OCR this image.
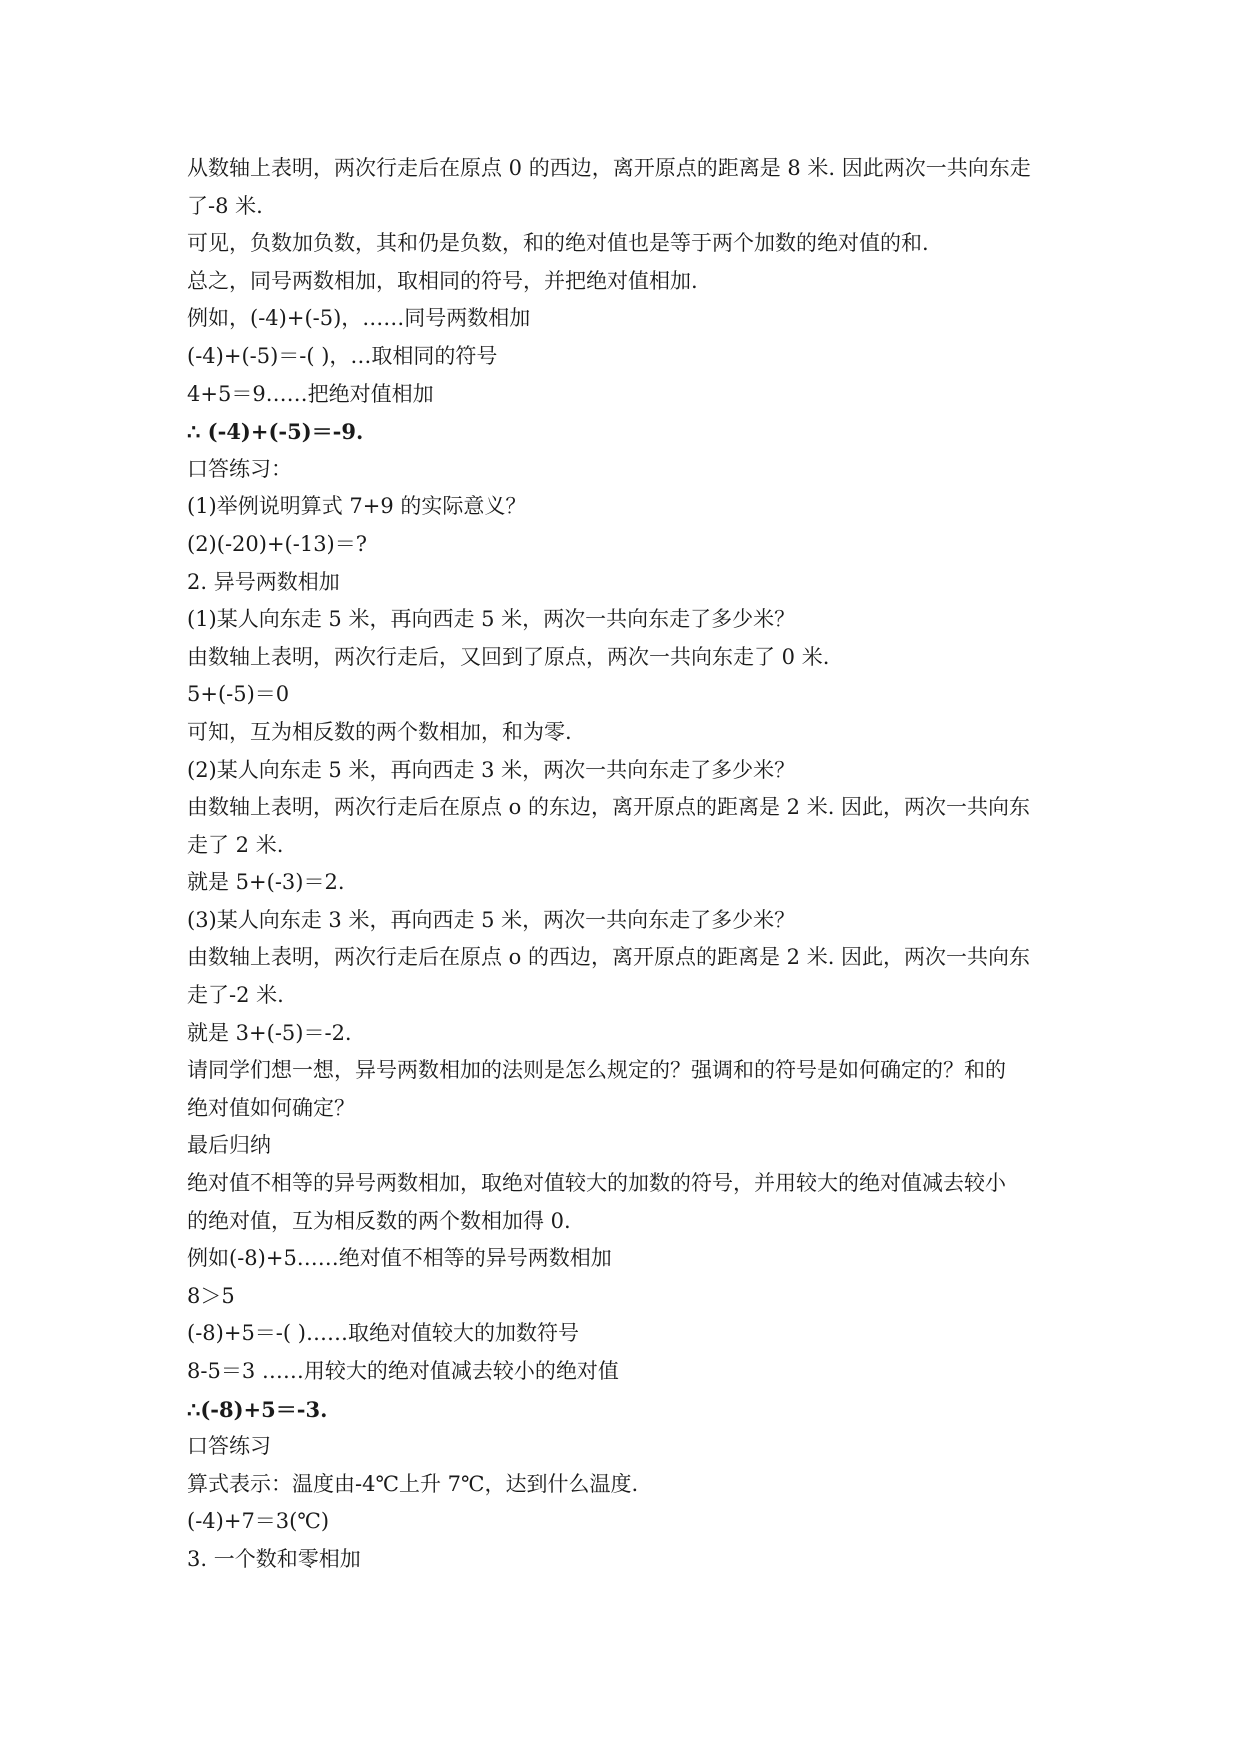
从数轴上表明，两次行走后在原点 0 的西边，离开原点的距离是 8 米. 因此两次一共向东走
了-8 米.
可见，负数加负数，其和仍是负数，和的绝对值也是等于两个加数的绝对值的和.
总之，同号两数相加，取相同的符号，并把绝对值相加.
例如，(-4)+(-5)，……同号两数相加
(-4)+(-5)＝-( )，…取相同的符号
4+5＝9……把绝对值相加
∴ (-4)+(-5)＝-9.
口答练习：
(1)举例说明算式 7+9 的实际意义？
(2)(-20)+(-13)＝?
2. 异号两数相加
(1)某人向东走 5 米，再向西走 5 米，两次一共向东走了多少米？
由数轴上表明，两次行走后，又回到了原点，两次一共向东走了 0 米.
5+(-5)＝0
可知，互为相反数的两个数相加，和为零.
(2)某人向东走 5 米，再向西走 3 米，两次一共向东走了多少米？
由数轴上表明，两次行走后在原点 o 的东边，离开原点的距离是 2 米. 因此，两次一共向东
走了 2 米.
就是 5+(-3)＝2.
(3)某人向东走 3 米，再向西走 5 米，两次一共向东走了多少米？
由数轴上表明，两次行走后在原点 o 的西边，离开原点的距离是 2 米. 因此，两次一共向东
走了-2 米.
就是 3+(-5)＝-2.
请同学们想一想，异号两数相加的法则是怎么规定的？强调和的符号是如何确定的？和的
绝对值如何确定？
最后归纳
绝对值不相等的异号两数相加，取绝对值较大的加数的符号，并用较大的绝对值减去较小
的绝对值，互为相反数的两个数相加得 0.
例如(-8)+5……绝对值不相等的异号两数相加
8＞5
(-8)+5＝-( )……取绝对值较大的加数符号
8-5＝3 ……用较大的绝对值减去较小的绝对值
∴(-8)+5＝-3.
口答练习
算式表示：温度由-4℃上升 7℃，达到什么温度.
(-4)+7＝3(℃)
3. 一个数和零相加
